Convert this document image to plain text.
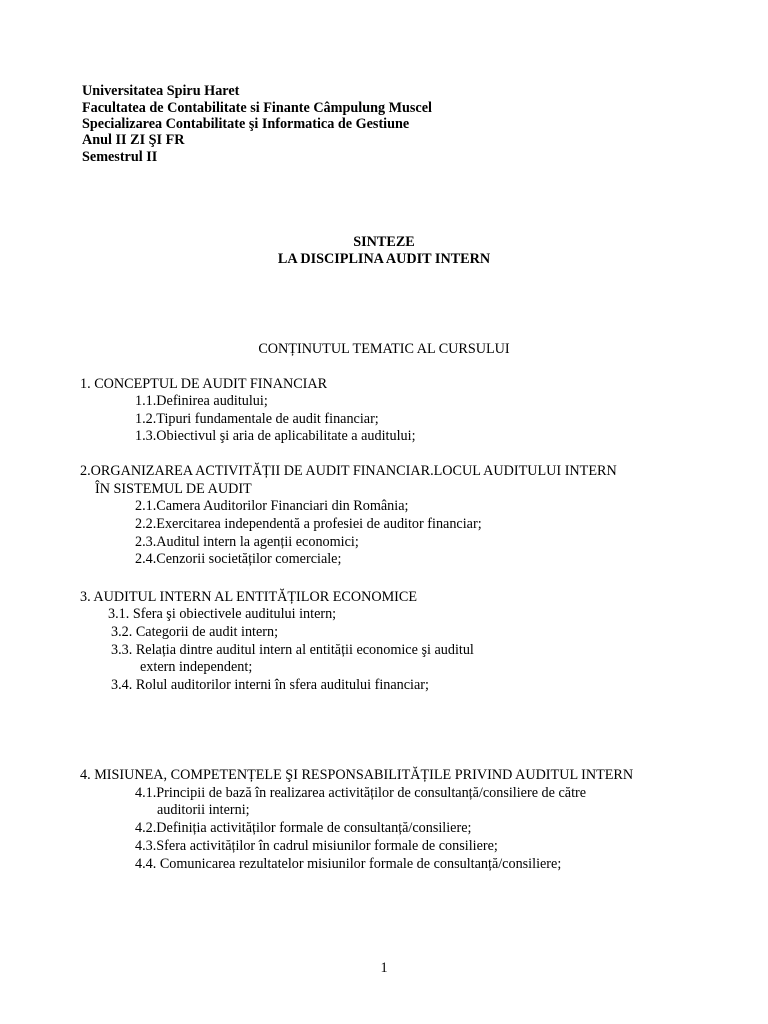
Universitatea Spiru Haret
Facultatea de Contabilitate si Finante Câmpulung Muscel
Specializarea Contabilitate şi Informatica de Gestiune
Anul II ZI ŞI FR
Semestrul II
SINTEZE
LA DISCIPLINA AUDIT INTERN
CONȚINUTUL TEMATIC AL CURSULUI
1. CONCEPTUL DE AUDIT FINANCIAR
1.1.Definirea auditului;
1.2.Tipuri fundamentale de audit financiar;
1.3.Obiectivul şi aria de aplicabilitate a auditului;
2.ORGANIZAREA ACTIVITĂȚII DE AUDIT FINANCIAR.LOCUL AUDITULUI INTERN
ÎN SISTEMUL DE AUDIT
2.1.Camera Auditorilor Financiari din România;
2.2.Exercitarea independentă a profesiei de auditor financiar;
2.3.Auditul intern la agenții economici;
2.4.Cenzorii societăților comerciale;
3. AUDITUL INTERN AL ENTITĂȚILOR ECONOMICE
3.1. Sfera şi obiectivele auditului intern;
3.2. Categorii de audit intern;
3.3. Relația dintre auditul intern al entității economice şi auditul
extern independent;
3.4. Rolul auditorilor interni în sfera auditului financiar;
4. MISIUNEA, COMPETENȚELE ŞI RESPONSABILITĂȚILE PRIVIND AUDITUL INTERN
4.1.Principii de bază în realizarea activităților de consultanță/consiliere de către
auditorii interni;
4.2.Definiția activităților formale de consultanță/consiliere;
4.3.Sfera activităților în cadrul misiunilor formale de consiliere;
4.4. Comunicarea rezultatelor misiunilor formale de consultanță/consiliere;
1
